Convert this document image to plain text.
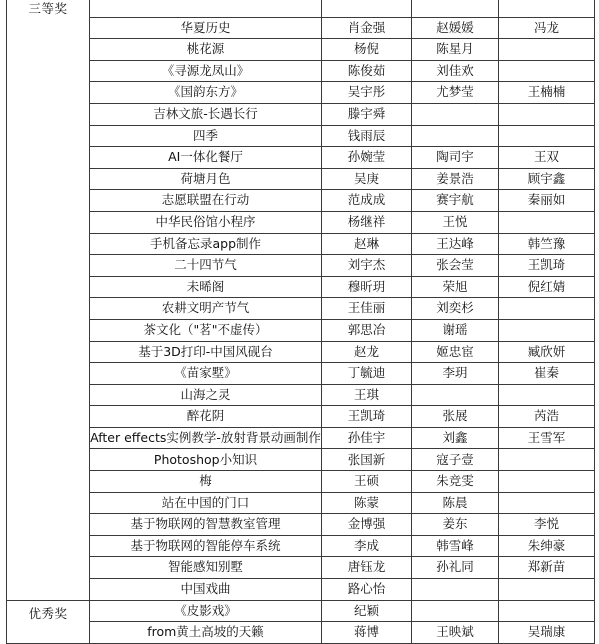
三等奖				
	华夏历史	肖金强	赵媛媛	冯龙
	桃花源	杨倪	陈星月	
	《寻源龙凤山》	陈俊茹	刘佳欢	
	《国韵东方》	吴宇彤	尤梦莹	王楠楠
	吉林文旅-长遇长行	滕宇舜		
	四季	钱雨辰		
	AI一体化餐厅	孙婉莹	陶司宇	王双
	荷塘月色	吴庚	姜景浩	顾宇鑫
	志愿联盟在行动	范成成	赛宇航	秦丽如
	中华民俗馆小程序	杨继祥	王悦	
	手机备忘录app制作	赵琳	王达峰	韩竺豫
	二十四节气	刘宇杰	张会莹	王凯琦
	未晞阁	穆昕玥	荣旭	倪红婧
	农耕文明产节气	王佳丽	刘奕杉	
	茶文化（"茗"不虚传）	郭思冶	谢瑶	
	基于3D打印-中国风砚台	赵龙	姬忠宦	臧欣妍
	《苗家墅》	丁毓迪	李玥	崔秦
	山海之灵	王琪		
	醉花阴	王凯琦	张展	芮浩
	After effects实例教学-放射背景动画制作	孙佳宇	刘鑫	王雪军
	Photoshop小知识	张国新	寇子壹	
	梅	王硕	朱竞雯	
	站在中国的门口	陈蒙	陈晨	
	基于物联网的智慧教室管理	金博强	姜东	李悦
	基于物联网的智能停车系统	李成	韩雪峰	朱绅豪
	智能感知别墅	唐钰龙	孙礼同	郑新苗
	中国戏曲	路心怡		
优秀奖	《皮影戏》	纪颖		
	from黄土高坡的天籁	蒋博	王映斌	吴瑞康
